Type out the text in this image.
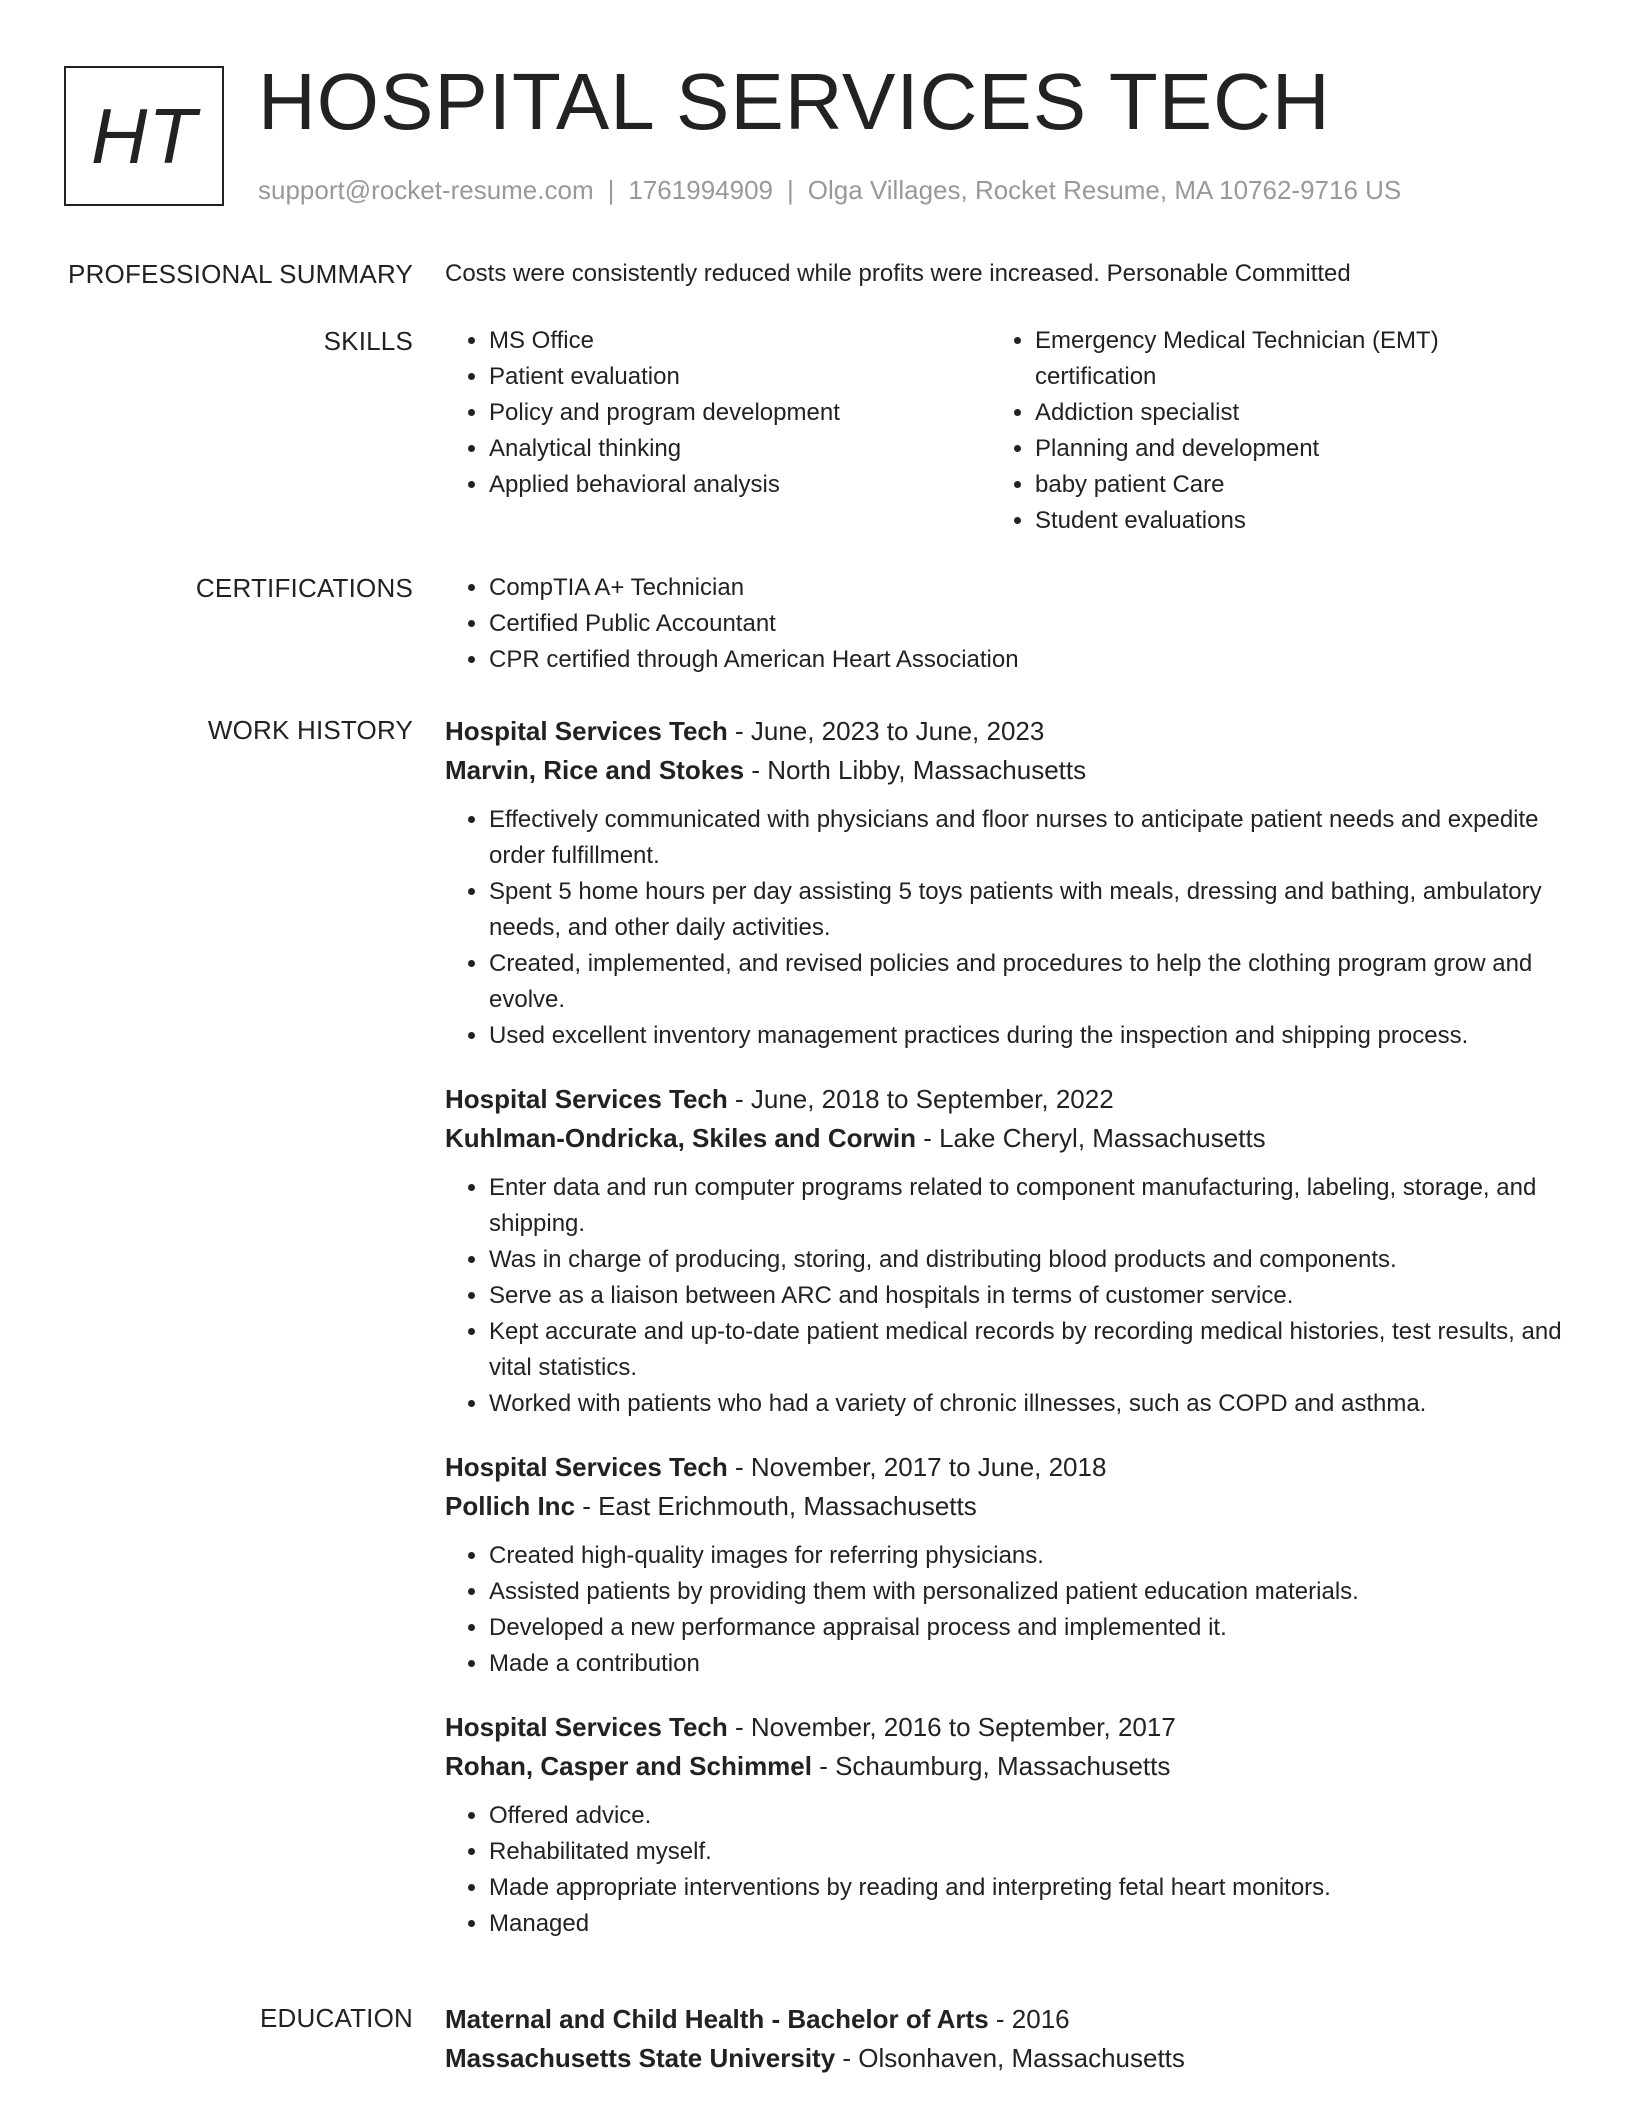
HT HOSPITAL SERVICES TECH
support@rocket-resume.com | 1761994909 | Olga Villages, Rocket Resume, MA 10762-9716 US
PROFESSIONAL SUMMARY Costs were consistently reduced while profits were increased. Personable Committed
SKILLS	• MS Office
• Patient evaluation
• Policy and program development
• Analytical thinking
• Applied behavioral analysis
• Emergency Medical Technician (EMT) certification
• Addiction specialist
• Planning and development
• baby patient Care
• Student evaluations
CERTIFICATIONS	• CompTIA A+ Technician
• Certified Public Accountant
• CPR certified through American Heart Association
WORK HISTORY Hospital Services Tech - June, 2023 to June, 2023
Marvin, Rice and Stokes - North Libby, Massachusetts
• Effectively communicated with physicians and floor nurses to anticipate patient needs and expedite order fulfillment.
• Spent 5 home hours per day assisting 5 toys patients with meals, dressing and bathing, ambulatory needs, and other daily activities.
• Created, implemented, and revised policies and procedures to help the clothing program grow and evolve.
• Used excellent inventory management practices during the inspection and shipping process.
Hospital Services Tech - June, 2018 to September, 2022
Kuhlman-Ondricka, Skiles and Corwin - Lake Cheryl, Massachusetts
• Enter data and run computer programs related to component manufacturing, labeling, storage, and shipping.
• Was in charge of producing, storing, and distributing blood products and components.
• Serve as a liaison between ARC and hospitals in terms of customer service.
• Kept accurate and up-to-date patient medical records by recording medical histories, test results, and vital statistics.
• Worked with patients who had a variety of chronic illnesses, such as COPD and asthma.
Hospital Services Tech - November, 2017 to June, 2018
Pollich Inc - East Erichmouth, Massachusetts
• Created high-quality images for referring physicians.
• Assisted patients by providing them with personalized patient education materials.
• Developed a new performance appraisal process and implemented it.
• Made a contribution
Hospital Services Tech - November, 2016 to September, 2017
Rohan, Casper and Schimmel - Schaumburg, Massachusetts
• Offered advice.
• Rehabilitated myself.
• Made appropriate interventions by reading and interpreting fetal heart monitors.
• Managed
EDUCATION Maternal and Child Health - Bachelor of Arts - 2016
Massachusetts State University - Olsonhaven, Massachusetts
